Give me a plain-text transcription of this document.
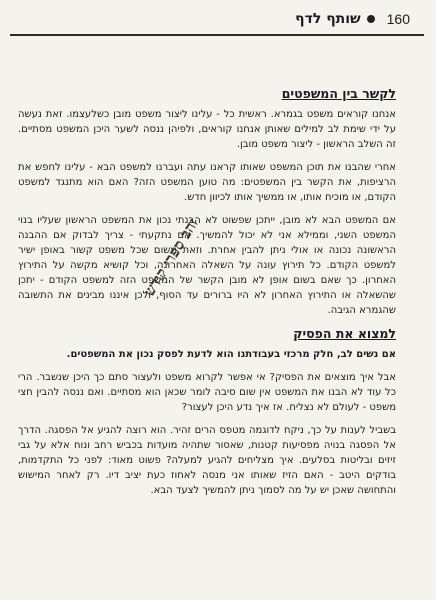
160
שותף לדף
לקשר בין המשפטים

אנחנו קוראים משפט בגמרא. ראשית כל - עלינו ליצור משפט מובן כשלעצמו. זאת נעשה על ידי שימת לב למילים שאותן אנחנו קוראים, ולפיהן ננסה לשער היכן המשפט מסתיים. זה השלב הראשון - ליצור משפט מובן.

אחרי שהבנו את תוכן המשפט שאותו קראנו עתה ועברנו למשפט הבא - עלינו לחפש את הרציפות, את הקשר בין המשפטים: מה טוען המשפט הזה? האם הוא מתנגד למשפט הקודם, או מוכיח אותו, או ממשיך אותו לכיוון חדש.

אם המשפט הבא לא מובן, ייתכן שפשוט לא הבנתי נכון את המשפט הראשון שעליו בנוי המשפט השני, וממילא אני לא יכול להמשיך. אם נתקעתי - צריך לבדוק אם ההבנה הראשונה נכונה או אולי ניתן להבין אחרת. וזאת משום שכל משפט קשור באופן ישיר למשפט הקודם. כל תירוץ עונה על השאלה האחרונה, וכל קושיא מקשה על התירוץ האחרון. כך שאם בשום אופן לא מובן הקשר של המשפט הזה למשפט הקודם - יתכן שהשאלה או התירוץ האחרון לא היו ברורים עד הסוף, ולכן איננו מבינים את התשובה שהגמרא הגיבה.

למצוא את הפסיק

אם נשים לב, חלק מרכזי בעבודתנו הוא לדעת לפסק נכון את המשפטים.

אבל איך מוצאים את הפסיק? אי אפשר לקרוא משפט ולעצור סתם כך היכן שנשבר. הרי כל עוד לא הבנו את המשפט אין שום סיבה לומר שכאן הוא מסתיים. ואם ננסה להבין חצי משפט - לעולם לא נצליח. אז איך נדע היכן לעצור?

בשביל לענות על כך, ניקח לדוגמה מטפס הרים זהיר. הוא רוצה להגיע אל הפסגה. הדרך אל הפסגה בנויה מפסיעות קטנות, שאסור שתהיה מועדות בכביש רחב ונוח אלא על גבי זיזים ובליטות בסלעים. איך מצליחים להגיע למעלה? פשוט מאוד: לפני כל התקדמות, בודקים היטב - האם הזיז שאותו אני מנסה לאחוז כעת יציב דיו. רק לאחר המישוש והתחושה שאכן יש על מה לסמוך ניתן להמשיך לצעד הבא.

זהב ספרי קודש
